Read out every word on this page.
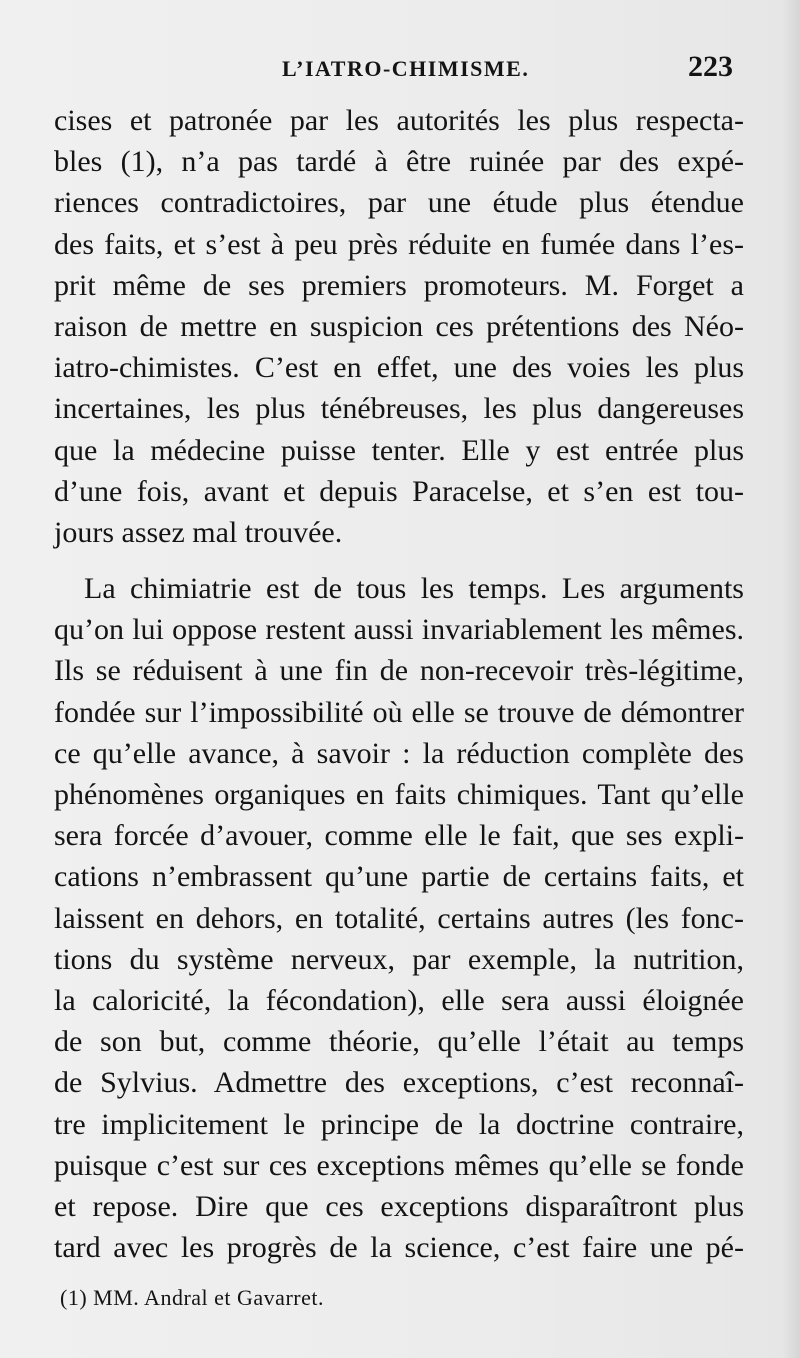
L’IATRO-CHIMISME.	223
cises et patronée par les autorités les plus respecta-
bles (1), n’a pas tardé à être ruinée par des expé-
riences contradictoires, par une étude plus étendue
des faits, et s’est à peu près réduite en fumée dans l’es-
prit même de ses premiers promoteurs. M. Forget a
raison de mettre en suspicion ces prétentions des Néo-
iatro-chimistes. C’est en effet, une des voies les plus
incertaines, les plus ténébreuses, les plus dangereuses
que la médecine puisse tenter. Elle y est entrée plus
d’une fois, avant et depuis Paracelse, et s’en est tou-
jours assez mal trouvée.
La chimiatrie est de tous les temps. Les arguments
qu’on lui oppose restent aussi invariablement les mêmes.
Ils se réduisent à une fin de non-recevoir très-légitime,
fondée sur l’impossibilité où elle se trouve de démontrer
ce qu’elle avance, à savoir : la réduction complète des
phénomènes organiques en faits chimiques. Tant qu’elle
sera forcée d’avouer, comme elle le fait, que ses expli-
cations n’embrassent qu’une partie de certains faits, et
laissent en dehors, en totalité, certains autres (les fonc-
tions du système nerveux, par exemple, la nutrition,
la caloricité, la fécondation), elle sera aussi éloignée
de son but, comme théorie, qu’elle l’était au temps
de Sylvius. Admettre des exceptions, c’est reconnaî-
tre implicitement le principe de la doctrine contraire,
puisque c’est sur ces exceptions mêmes qu’elle se fonde
et repose. Dire que ces exceptions disparaîtront plus
tard avec les progrès de la science, c’est faire une pé-
(1) MM. Andral et Gavarret.
